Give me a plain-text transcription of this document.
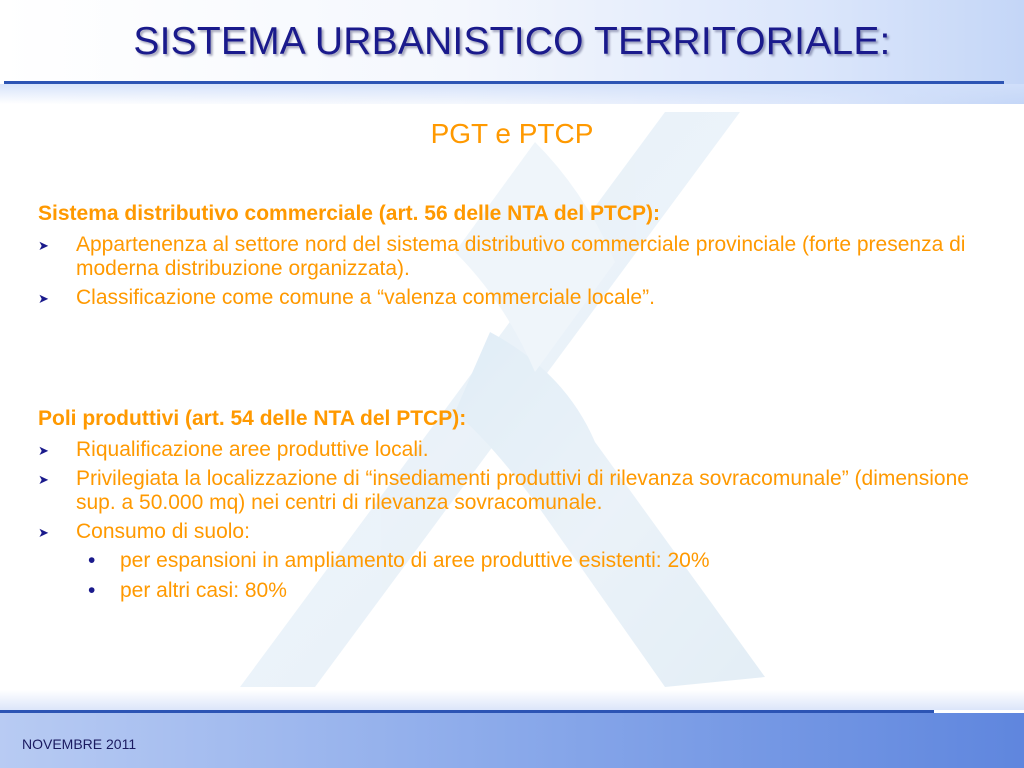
SISTEMA URBANISTICO TERRITORIALE:
PGT e PTCP
Sistema distributivo commerciale (art. 56 delle NTA del PTCP):
➤ Appartenenza al settore nord del sistema distributivo commerciale provinciale (forte presenza di moderna distribuzione organizzata).
➤ Classificazione come comune a “valenza commerciale locale”.
Poli produttivi (art. 54 delle NTA del PTCP):
➤ Riqualificazione aree produttive locali.
➤ Privilegiata la localizzazione di “insediamenti produttivi di rilevanza sovracomunale” (dimensione sup. a 50.000 mq) nei centri di rilevanza sovracomunale.
➤ Consumo di suolo:
• per espansioni in ampliamento di aree produttive esistenti: 20%
• per altri casi: 80%
NOVEMBRE 2011
